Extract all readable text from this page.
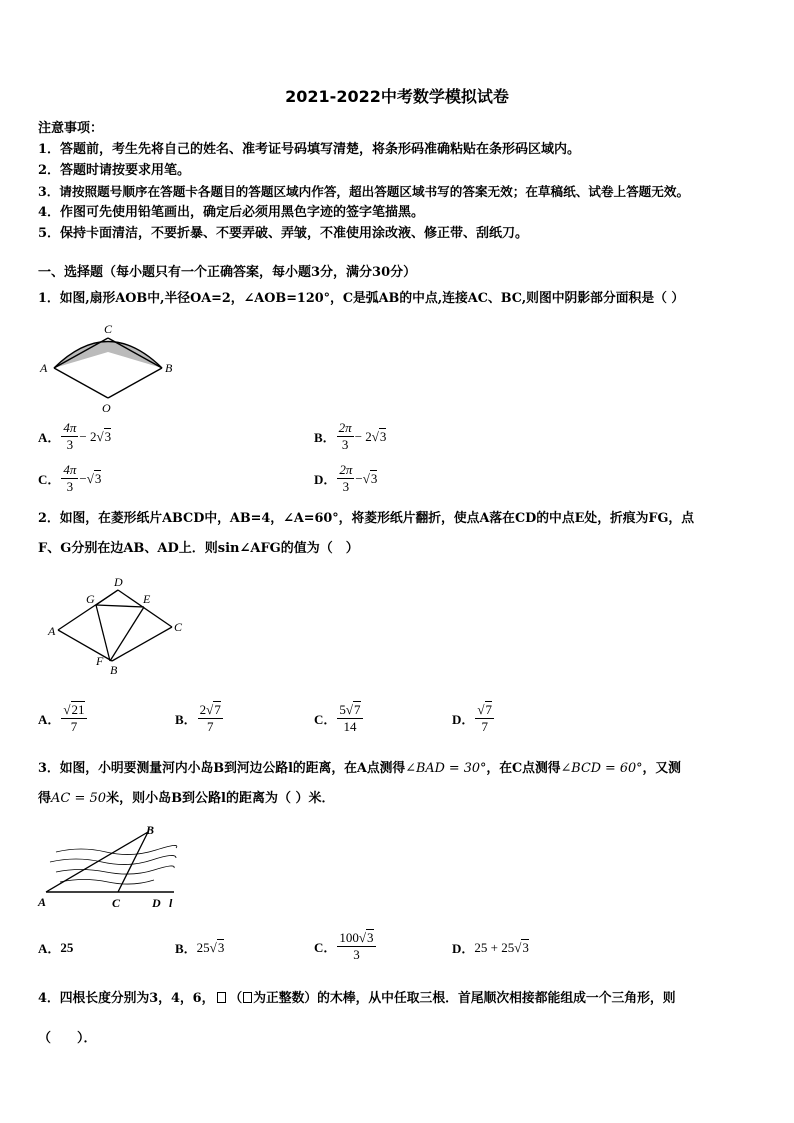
2021-2022中考数学模拟试卷
注意事项：
1．答题前，考生先将自己的姓名、准考证号码填写清楚，将条形码准确粘贴在条形码区域内。
2．答题时请按要求用笔。
3．请按照题号顺序在答题卡各题目的答题区域内作答，超出答题区域书写的答案无效；在草稿纸、试卷上答题无效。
4．作图可先使用铅笔画出，确定后必须用黑色字迹的签字笔描黑。
5．保持卡面清洁，不要折暴、不要弄破、弄皱，不准使用涂改液、修正带、刮纸刀。
一、选择题（每小题只有一个正确答案，每小题3分，满分30分）
1．如图,扇形AOB中,半径OA=2，∠AOB=120°，C是弧AB的中点,连接AC、BC,则图中阴影部分面积是（ ）
C
A	B
O
A．
4π
3
− 2 √ 3	B．
2π
3
− 2 √ 3
C．
4π
3
− √ 3	D．
2π
3
− √ 3
2．如图，在菱形纸片ABCD中，AB=4，∠A=60°，将菱形纸片翻折，使点A落在CD的中点E处，折痕为FG，点
F、G分别在边AB、AD上．则sin∠AFG的值为（　）
D
G	E
A	C
F
B
A．
√21
7	B．
2√7
7	C．
5√7
14	D．
√7
7
3．如图，小明要测量河内小岛B到河边公路l的距离，在A点测得∠BAD = 30°，在C点测得∠BCD = 60°，又测
得AC = 50米，则小岛B到公路l的距离为（ ）米．
B
A	C	D l
A． 25	B． 25 √ 3	C．
100√3
3	D． 25 + 25 √ 3
4．四根长度分别为3，4，6， （ 为正整数）的木棒，从中任取三根．首尾顺次相接都能组成一个三角形，则
（　　）．
